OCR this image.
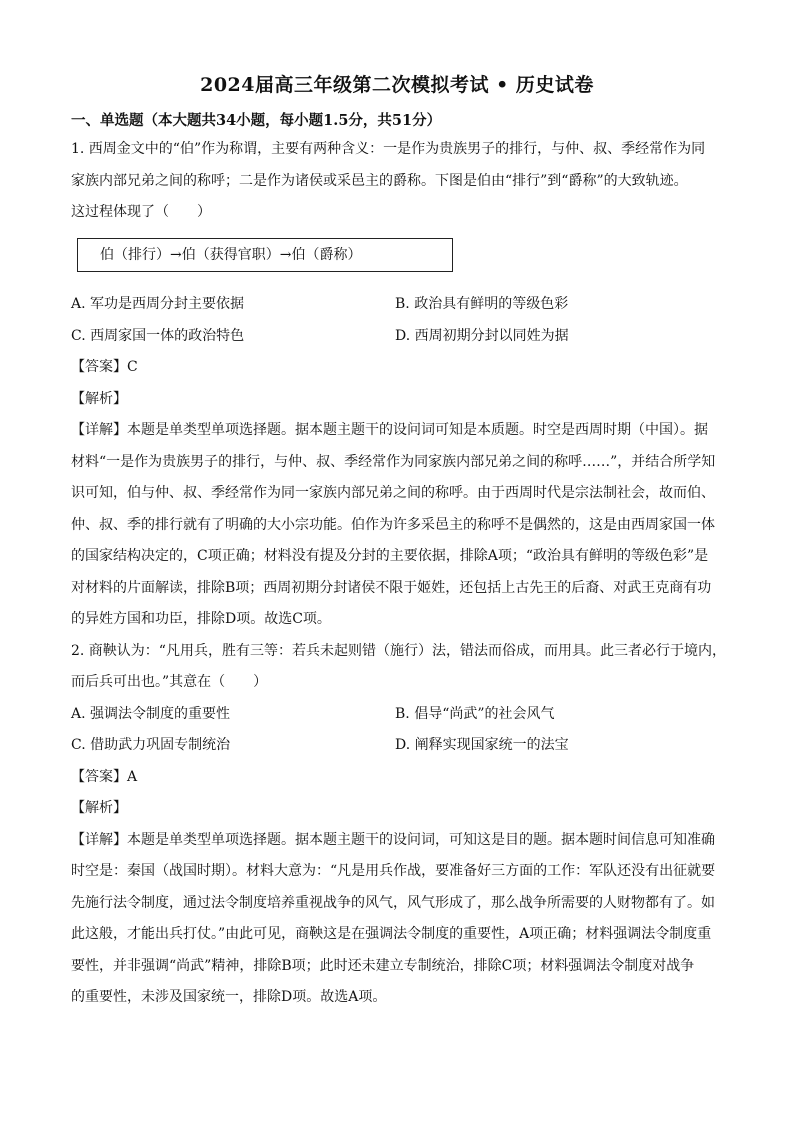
2024届高三年级第二次模拟考试 • 历史试卷
一、单选题（本大题共34小题，每小题1.5分，共51分）

1. 西周金文中的“伯”作为称谓，主要有两种含义：一是作为贵族男子的排行，与仲、叔、季经常作为同

家族内部兄弟之间的称呼；二是作为诸侯或采邑主的爵称。下图是伯由“排行”到“爵称”的大致轨迹。

这过程体现了（　　）

伯（排行）→伯（获得官职）→伯（爵称）
A. 军功是西周分封主要依据	B. 政治具有鲜明的等级色彩
C. 西周家国一体的政治特色	D. 西周初期分封以同姓为据

【答案】C

【解析】

【详解】本题是单类型单项选择题。据本题主题干的设问词可知是本质题。时空是西周时期（中国）。据

材料“一是作为贵族男子的排行，与仲、叔、季经常作为同家族内部兄弟之间的称呼……”，并结合所学知

识可知，伯与仲、叔、季经常作为同一家族内部兄弟之间的称呼。由于西周时代是宗法制社会，故而伯、

仲、叔、季的排行就有了明确的大小宗功能。伯作为许多采邑主的称呼不是偶然的，这是由西周家国一体

的国家结构决定的，C项正确；材料没有提及分封的主要依据，排除A项；“政治具有鲜明的等级色彩”是

对材料的片面解读，排除B项；西周初期分封诸侯不限于姬姓，还包括上古先王的后裔、对武王克商有功

的异姓方国和功臣，排除D项。故选C项。

2. 商鞅认为：“凡用兵，胜有三等：若兵未起则错（施行）法，错法而俗成，而用具。此三者必行于境内，

而后兵可出也。”其意在（　　）

A. 强调法令制度的重要性	B. 倡导“尚武”的社会风气
C. 借助武力巩固专制统治	D. 阐释实现国家统一的法宝

【答案】A

【解析】

【详解】本题是单类型单项选择题。据本题主题干的设问词，可知这是目的题。据本题时间信息可知准确

时空是：秦国（战国时期）。材料大意为：“凡是用兵作战，要准备好三方面的工作：军队还没有出征就要

先施行法令制度，通过法令制度培养重视战争的风气，风气形成了，那么战争所需要的人财物都有了。如

此这般，才能出兵打仗。”由此可见，商鞅这是在强调法令制度的重要性，A项正确；材料强调法令制度重

要性，并非强调“尚武”精神，排除B项；此时还未建立专制统治，排除C项；材料强调法令制度对战争

的重要性，未涉及国家统一，排除D项。故选A项。
